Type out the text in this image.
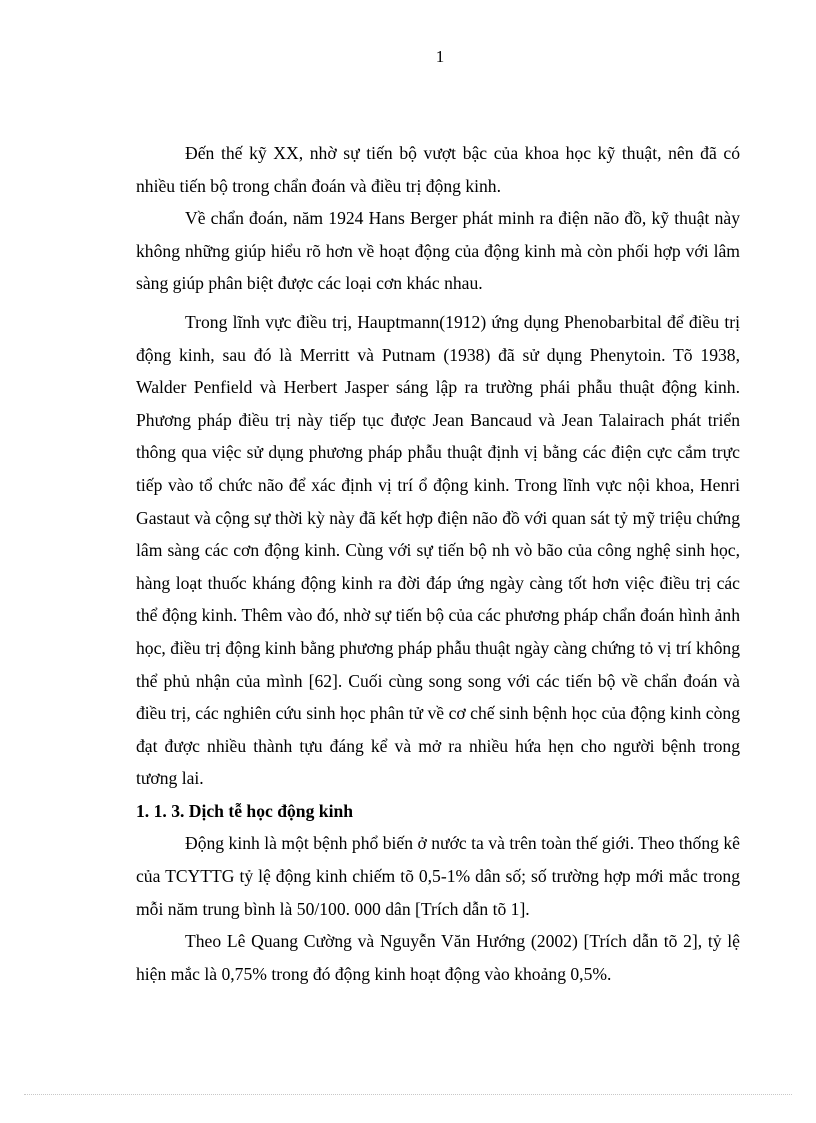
1

Đến thế kỹ XX, nhờ sự tiến bộ vượt bậc của khoa học kỹ thuật, nên đã có nhiều tiến bộ trong chẩn đoán và điều trị động kinh.

Về chẩn đoán, năm 1924 Hans Berger phát minh ra điện não đồ, kỹ thuật này không những giúp hiểu rõ hơn về hoạt động của động kinh mà còn phối hợp với lâm sàng giúp phân biệt được các loại cơn khác nhau.

Trong lĩnh vực điều trị, Hauptmann(1912) ứng dụng Phenobarbital để điều trị động kinh, sau đó là Merritt và Putnam (1938) đã sử dụng Phenytoin. Tõ 1938, Walder Penfield và Herbert Jasper sáng lập ra trường phái phẫu thuật động kinh. Phương pháp điều trị này tiếp tục được Jean Bancaud và Jean Talairach phát triển thông qua việc sử dụng phương pháp phẫu thuật định vị bằng các điện cực cắm trực tiếp vào tổ chức não để xác định vị trí ổ động kinh. Trong lĩnh vực nội khoa, Henri Gastaut và cộng sự thời kỳ này đã kết hợp điện não đồ với quan sát tỷ mỹ triệu chứng lâm sàng các cơn động kinh. Cùng với sự tiến bộ nh vò bão của công nghệ sinh học, hàng loạt thuốc kháng động kinh ra đời đáp ứng ngày càng tốt hơn việc điều trị các thể động kinh. Thêm vào đó, nhờ sự tiến bộ của các phương pháp chẩn đoán hình ảnh học, điều trị động kinh bằng phương pháp phẫu thuật ngày càng chứng tỏ vị trí không thể phủ nhận của mình [62]. Cuối cùng song song với các tiến bộ về chẩn đoán và điều trị, các nghiên cứu sinh học phân tử về cơ chế sinh bệnh học của động kinh còng đạt được nhiều thành tựu đáng kể và mở ra nhiều hứa hẹn cho người bệnh trong tương lai.

1. 1. 3. Dịch tễ học động kinh

Động kinh là một bệnh phổ biến ở nước ta và trên toàn thế giới. Theo thống kê của TCYTTG tỷ lệ động kinh chiếm tõ 0,5-1% dân số; số trường hợp mới mắc trong mỗi năm trung bình là 50/100. 000 dân [Trích dẫn tõ 1].

Theo Lê Quang Cường và Nguyễn Văn Hướng (2002) [Trích dẫn tõ 2], tỷ lệ hiện mắc là 0,75% trong đó động kinh hoạt động vào khoảng 0,5%.
